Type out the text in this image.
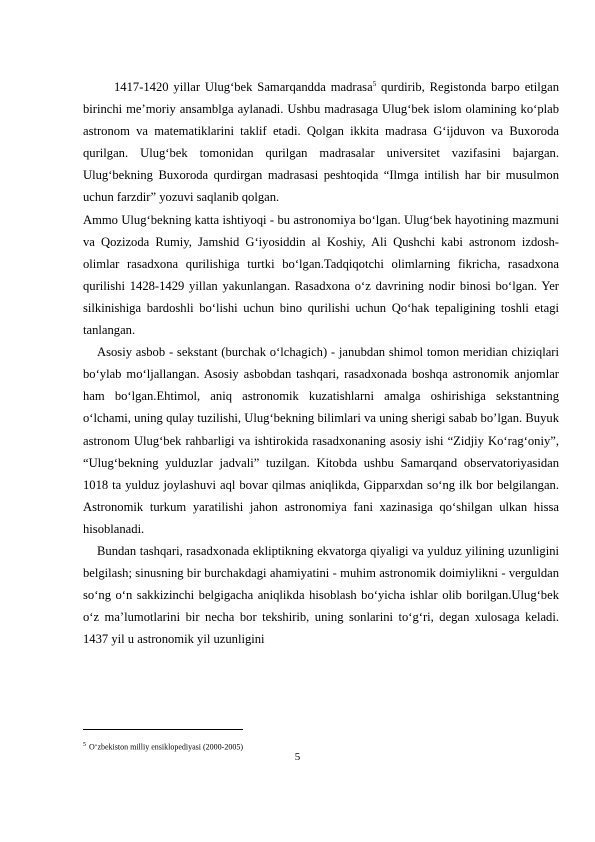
1417-1420 yillar Ulug‘bek Samarqandda madrasa$^5$ qurdirib, Registonda barpo etilgan birinchi me’moriy ansamblga aylanadi. Ushbu madrasaga Ulug‘bek islom olamining ko‘plab astronom va matematiklarini taklif etadi. Qolgan ikkita madrasa G‘ijduvon va Buxoroda qurilgan. Ulug‘bek tomonidan qurilgan madrasalar universitet vazifasini bajargan. Ulug‘bekning Buxoroda qurdirgan madrasasi peshtoqida “Ilmga intilish har bir musulmon uchun farzdir” yozuvi saqlanib qolgan.

Ammo Ulug‘bekning katta ishtiyoqi - bu astronomiya bo‘lgan. Ulug‘bek hayotining mazmuni va Qozizoda Rumiy, Jamshid G‘iyosiddin al Koshiy, Ali Qushchi kabi astronom izdosh-olimlar rasadxona qurilishiga turtki bo‘lgan.Tadqiqotchi olimlarning fikricha, rasadxona qurilishi 1428-1429 yillan yakunlangan. Rasadxona o‘z davrining nodir binosi bo‘lgan. Yer silkinishiga bardoshli bo‘lishi uchun bino qurilishi uchun Qo‘hak tepaligining toshli etagi tanlangan.

Asosiy asbob - sekstant (burchak o‘lchagich) - janubdan shimol tomon meridian chiziqlari bo‘ylab mo‘ljallangan. Asosiy asbobdan tashqari, rasadxonada boshqa astronomik anjomlar ham bo‘lgan.Ehtimol, aniq astronomik kuzatishlarni amalga oshirishiga sekstantning o‘lchami, uning qulay tuzilishi, Ulug‘bekning bilimlari va uning sherigi sabab bo’lgan. Buyuk astronom Ulug‘bek rahbarligi va ishtirokida rasadxonaning asosiy ishi “Zidjiy Ko‘rag‘oniy”, “Ulug‘bekning yulduzlar jadvali” tuzilgan. Kitobda ushbu Samarqand observatoriyasidan 1018 ta yulduz joylashuvi aql bovar qilmas aniqlikda, Gipparxdan so‘ng ilk bor belgilangan. Astronomik turkum yaratilishi jahon astronomiya fani xazinasiga qo‘shilgan ulkan hissa hisoblanadi.

Bundan tashqari, rasadxonada ekliptikning ekvatorga qiyaligi va yulduz yilining uzunligini belgilash; sinusning bir burchakdagi ahamiyatini - muhim astronomik doimiylikni - verguldan so‘ng o‘n sakkizinchi belgigacha aniqlikda hisoblash bo‘yicha ishlar olib borilgan.Ulug‘bek o‘z ma’lumotlarini bir necha bor tekshirib, uning sonlarini to‘g‘ri, degan xulosaga keladi. 1437 yil u astronomik yil uzunligini

$^5$ O‘zbekiston milliy ensiklopediyasi (2000-2005)
5
